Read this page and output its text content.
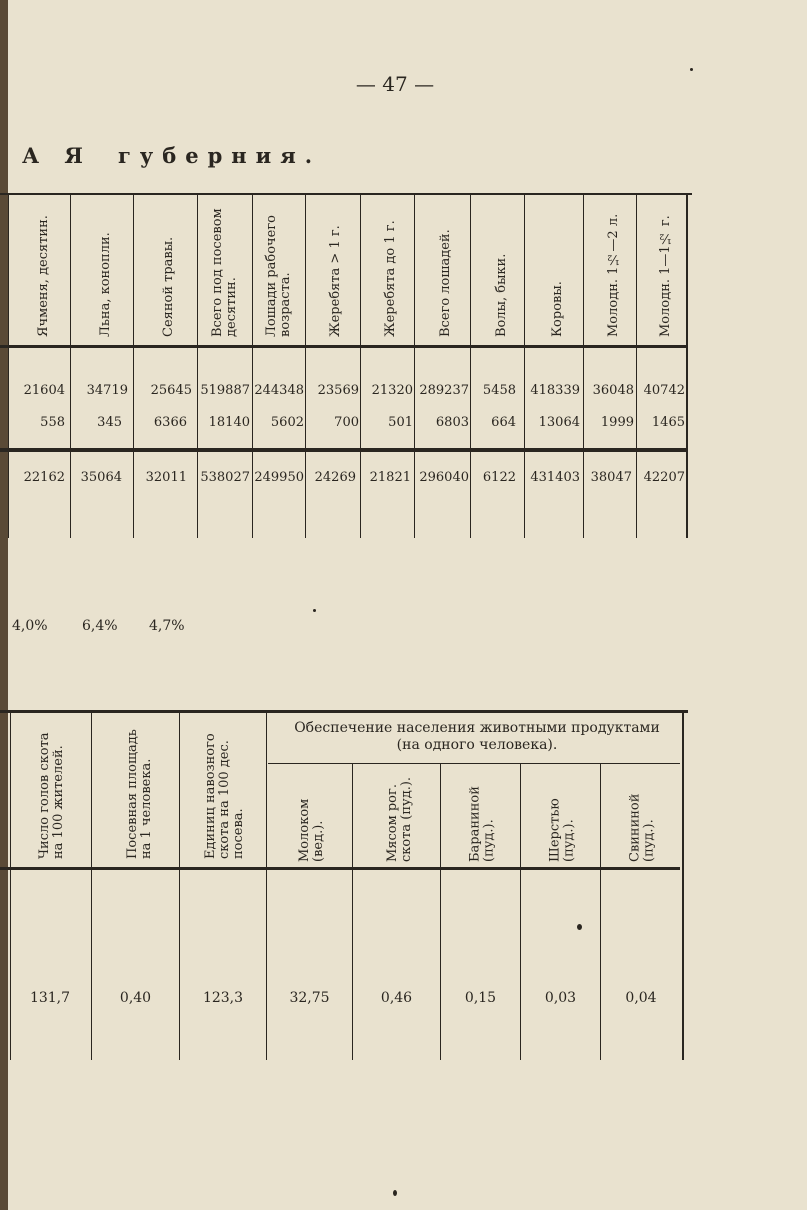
— 47 —
А Я губерния.
Ячменя, десятин.	Льна, конопли.	Сеяной травы.	Всего под посевом десятин.	Лошади рабочего возраста.	Жеребята > 1 г.	Жеребята до 1 г.	Всего лошадей.	Волы, быки.	Коровы.	Молодн. 1½—2 л.	Молодн. 1—1½ г.
21604	34719	25645 519887 244348	23569 21320 289237	5458	418339 36048 40742
558	345	6366	18140	5602	700	501	6803	664	13064	1999	1465
22162	35064	32011 538027 249950 24269	21821 296040	6122	431403 38047 42207
4,0% 6,4% 4,7%
Число голов скота на 100 жителей.	Посевная площадь на 1 человека.	Единиц навозного скота на 100 дес. посева.
Обеспечение населения животными продуктами
(на одного человека).
Молоком (вед.).	Мясом рог. скота (пуд.).	Бараниной (пуд.).	Шерстью (пуд.).	Свининой (пуд.).
131,7	0,40	123,3	32,75	0,46	0,15	0,03	0,04
